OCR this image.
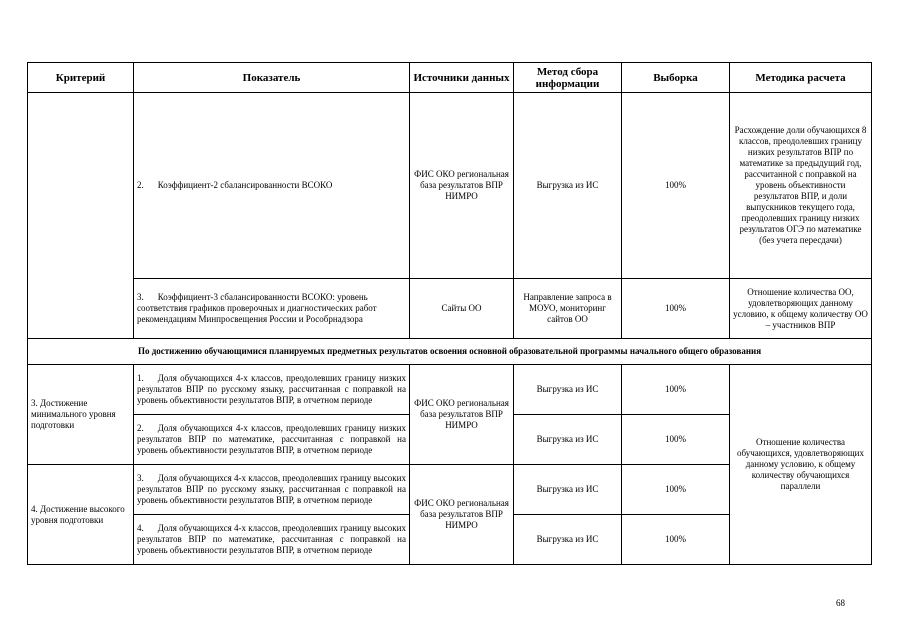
Критерий	Показатель	Источники данных	Метод сбора информации	Выборка	Методика расчета
	2. Коэффициент-2 сбалансированности ВСОКО	ФИС ОКО региональная база результатов ВПР НИМРО	Выгрузка из ИС	100%	Расхождение доли обучающихся 8 классов, преодолевших границу низких результатов ВПР по математике за предыдущий год, рассчитанной с поправкой на уровень объективности результатов ВПР, и доли выпускников текущего года, преодолевших границу низких результатов ОГЭ по математике (без учета пересдачи)
	3. Коэффициент-3 сбалансированности ВСОКО: уровень соответствия графиков проверочных и диагностических работ рекомендациям Минпросвещения России и Рособрнадзора	Сайты ОО	Направление запроса в МОУО, мониторинг сайтов ОО	100%	Отношение количества ОО, удовлетворяющих данному условию, к общему количеству ОО – участников ВПР
По достижению обучающимися планируемых предметных результатов освоения основной образовательной программы начального общего образования					
3. Достижение минимального уровня подготовки	1. Доля обучающихся 4-х классов, преодолевших границу низких результатов ВПР по русскому языку, рассчитанная с поправкой на уровень объективности результатов ВПР, в отчетном периоде	ФИС ОКО региональная база результатов ВПР НИМРО	Выгрузка из ИС	100%	Отношение количества обучающихся, удовлетворяющих данному условию, к общему количеству обучающихся параллели
	2. Доля обучающихся 4-х классов, преодолевших границу низких результатов ВПР по математике, рассчитанная с поправкой на уровень объективности результатов ВПР, в отчетном периоде		Выгрузка из ИС	100%	
4. Достижение высокого уровня подготовки	3. Доля обучающихся 4-х классов, преодолевших границу высоких результатов ВПР по русскому языку, рассчитанная с поправкой на уровень объективности результатов ВПР, в отчетном периоде	ФИС ОКО региональная база результатов ВПР НИМРО	Выгрузка из ИС	100%	
	4. Доля обучающихся 4-х классов, преодолевших границу высоких результатов ВПР по математике, рассчитанная с поправкой на уровень объективности результатов ВПР, в отчетном периоде		Выгрузка из ИС	100%	
68
